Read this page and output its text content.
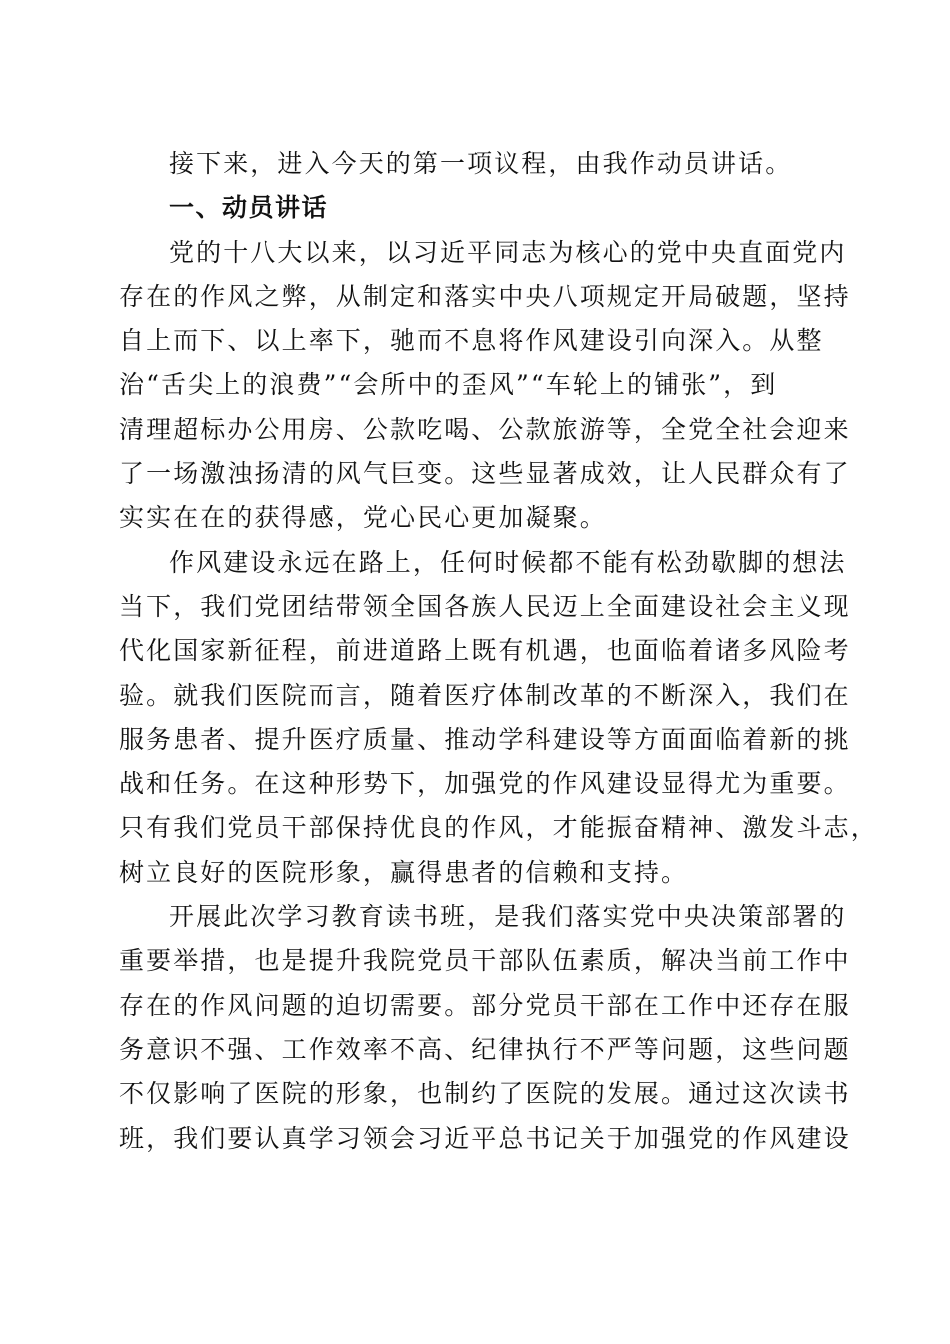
接下来，进入今天的第一项议程，由我作动员讲话。

一、动员讲话

党的十八大以来，以习近平同志为核心的党中央直面党内
存在的作风之弊，从制定和落实中央八项规定开局破题，坚持
自上而下、以上率下，驰而不息将作风建设引向深入。从整
治“舌尖上的浪费”“会所中的歪风”“车轮上的铺张”，到
清理超标办公用房、公款吃喝、公款旅游等，全党全社会迎来
了一场激浊扬清的风气巨变。这些显著成效，让人民群众有了
实实在在的获得感，党心民心更加凝聚。
作风建设永远在路上，任何时候都不能有松劲歇脚的想法
当下，我们党团结带领全国各族人民迈上全面建设社会主义现
代化国家新征程，前进道路上既有机遇，也面临着诸多风险考
验。就我们医院而言，随着医疗体制改革的不断深入，我们在
服务患者、提升医疗质量、推动学科建设等方面面临着新的挑
战和任务。在这种形势下，加强党的作风建设显得尤为重要。
只有我们党员干部保持优良的作风，才能振奋精神、激发斗志，
树立良好的医院形象，赢得患者的信赖和支持。
开展此次学习教育读书班，是我们落实党中央决策部署的
重要举措，也是提升我院党员干部队伍素质，解决当前工作中
存在的作风问题的迫切需要。部分党员干部在工作中还存在服
务意识不强、工作效率不高、纪律执行不严等问题，这些问题
不仅影响了医院的形象，也制约了医院的发展。通过这次读书
班，我们要认真学习领会习近平总书记关于加强党的作风建设
